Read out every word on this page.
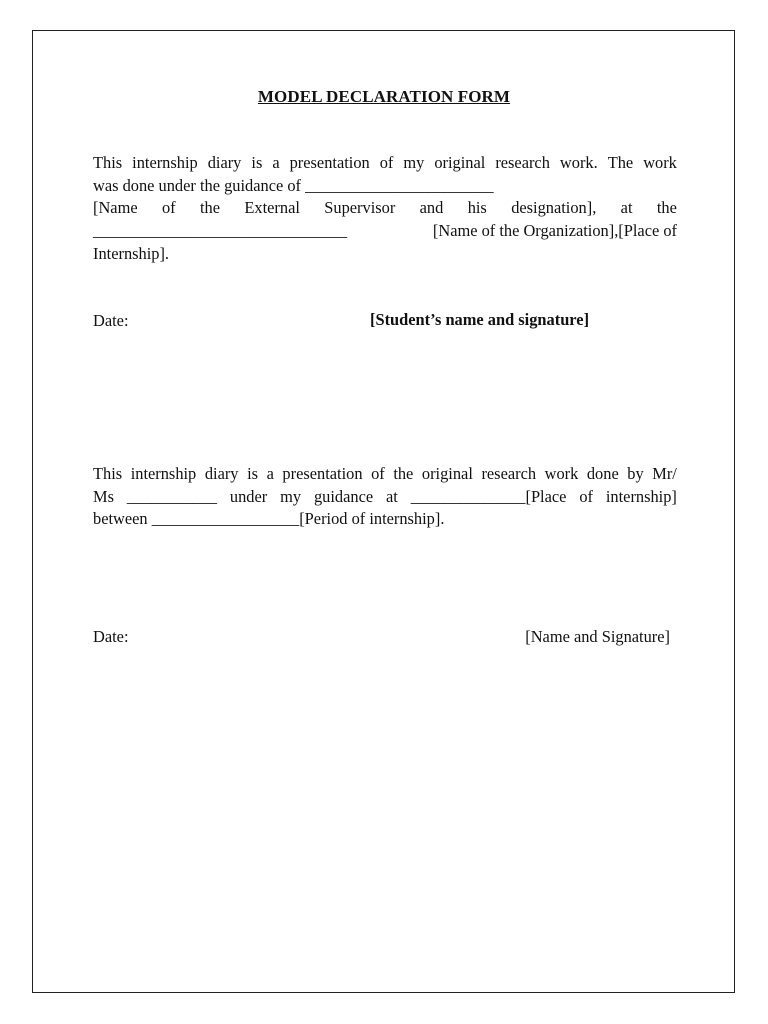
MODEL DECLARATION FORM
This internship diary is a presentation of my original research work. The work
was done under the guidance of _______________________
[Name of the External Supervisor and his designation], at the
_______________________________	[Name of the Organization],[Place of
Internship].
Date:	[Student’s name and signature]
This internship diary is a presentation of the original research work done by Mr/
Ms ___________ under my guidance at ______________[Place of internship]
between __________________[Period of internship].
Date:	[Name and Signature]
